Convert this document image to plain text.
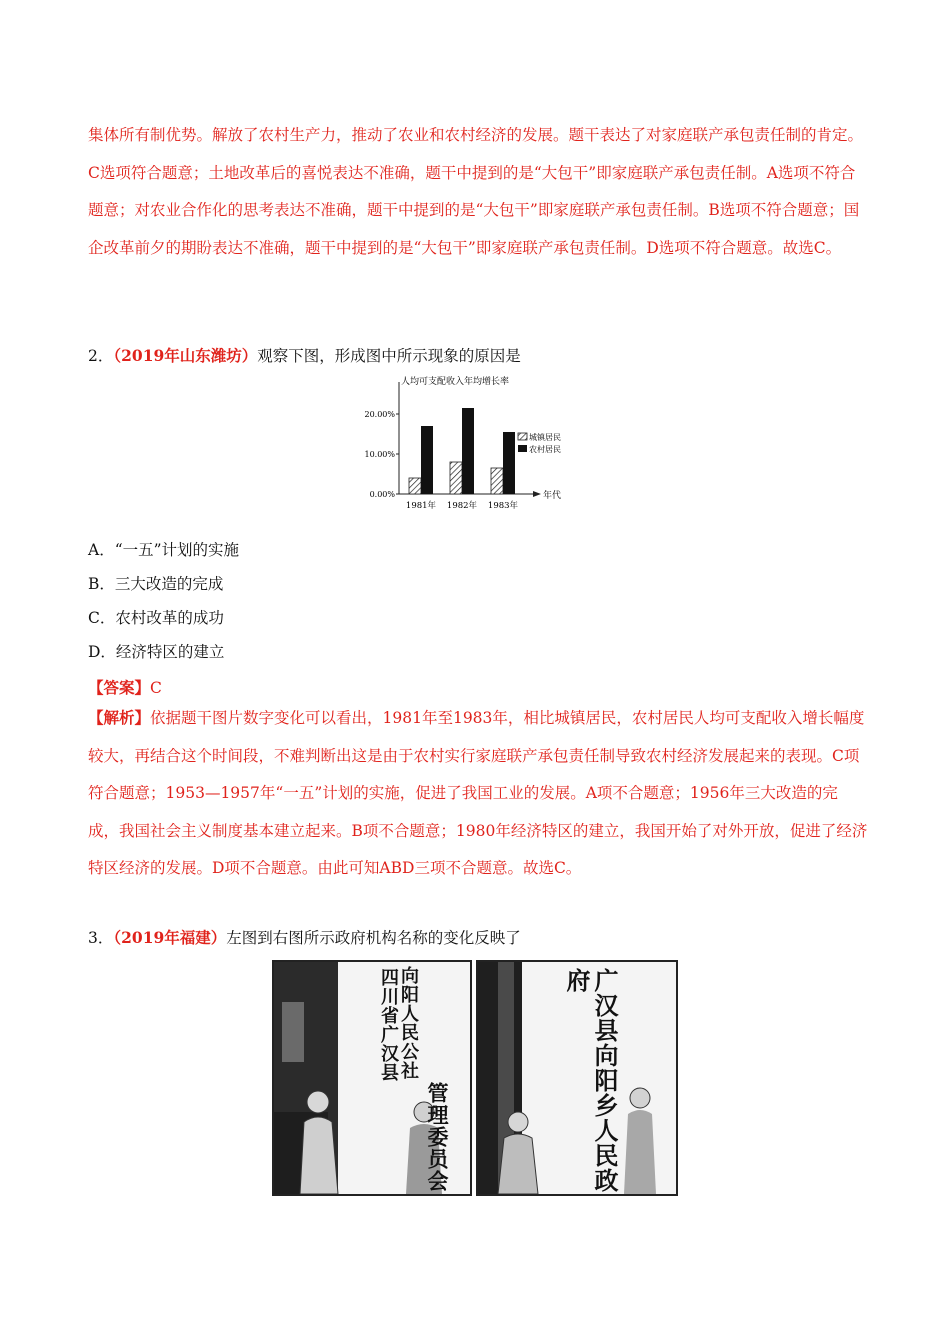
集体所有制优势。解放了农村生产力，推动了农业和农村经济的发展。题干表达了对家庭联产承包责任制的肯定。C选项符合题意；土地改革后的喜悦表达不准确，题干中提到的是“大包干”即家庭联产承包责任制。A选项不符合题意；对农业合作化的思考表达不准确，题干中提到的是“大包干”即家庭联产承包责任制。B选项不符合题意；国企改革前夕的期盼表达不准确，题干中提到的是“大包干”即家庭联产承包责任制。D选项不符合题意。故选C。
2．（2019年山东潍坊）观察下图，形成图中所示现象的原因是
人均可支配收入年均增长率
年代
0.00%
10.00%
20.00%
1981年 1982年 1983年
城镇居民
农村居民
A．“一五”计划的实施
B．三大改造的完成
C．农村改革的成功
D．经济特区的建立
【答案】C
【解析】依据题干图片数字变化可以看出，1981年至1983年，相比城镇居民，农村居民人均可支配收入增长幅度较大，再结合这个时间段，不难判断出这是由于农村实行家庭联产承包责任制导致农村经济发展起来的表现。C项符合题意；1953—1957年“一五”计划的实施，促进了我国工业的发展。A项不合题意；1956年三大改造的完成，我国社会主义制度基本建立起来。B项不合题意；1980年经济特区的建立，我国开始了对外开放，促进了经济特区经济的发展。D项不合题意。由此可知ABD三项不合题意。故选C。
3．（2019年福建）左图到右图所示政府机构名称的变化反映了
四川省广汉县 向阳人民公社
管理委员会	广汉县向阳乡人民政府
